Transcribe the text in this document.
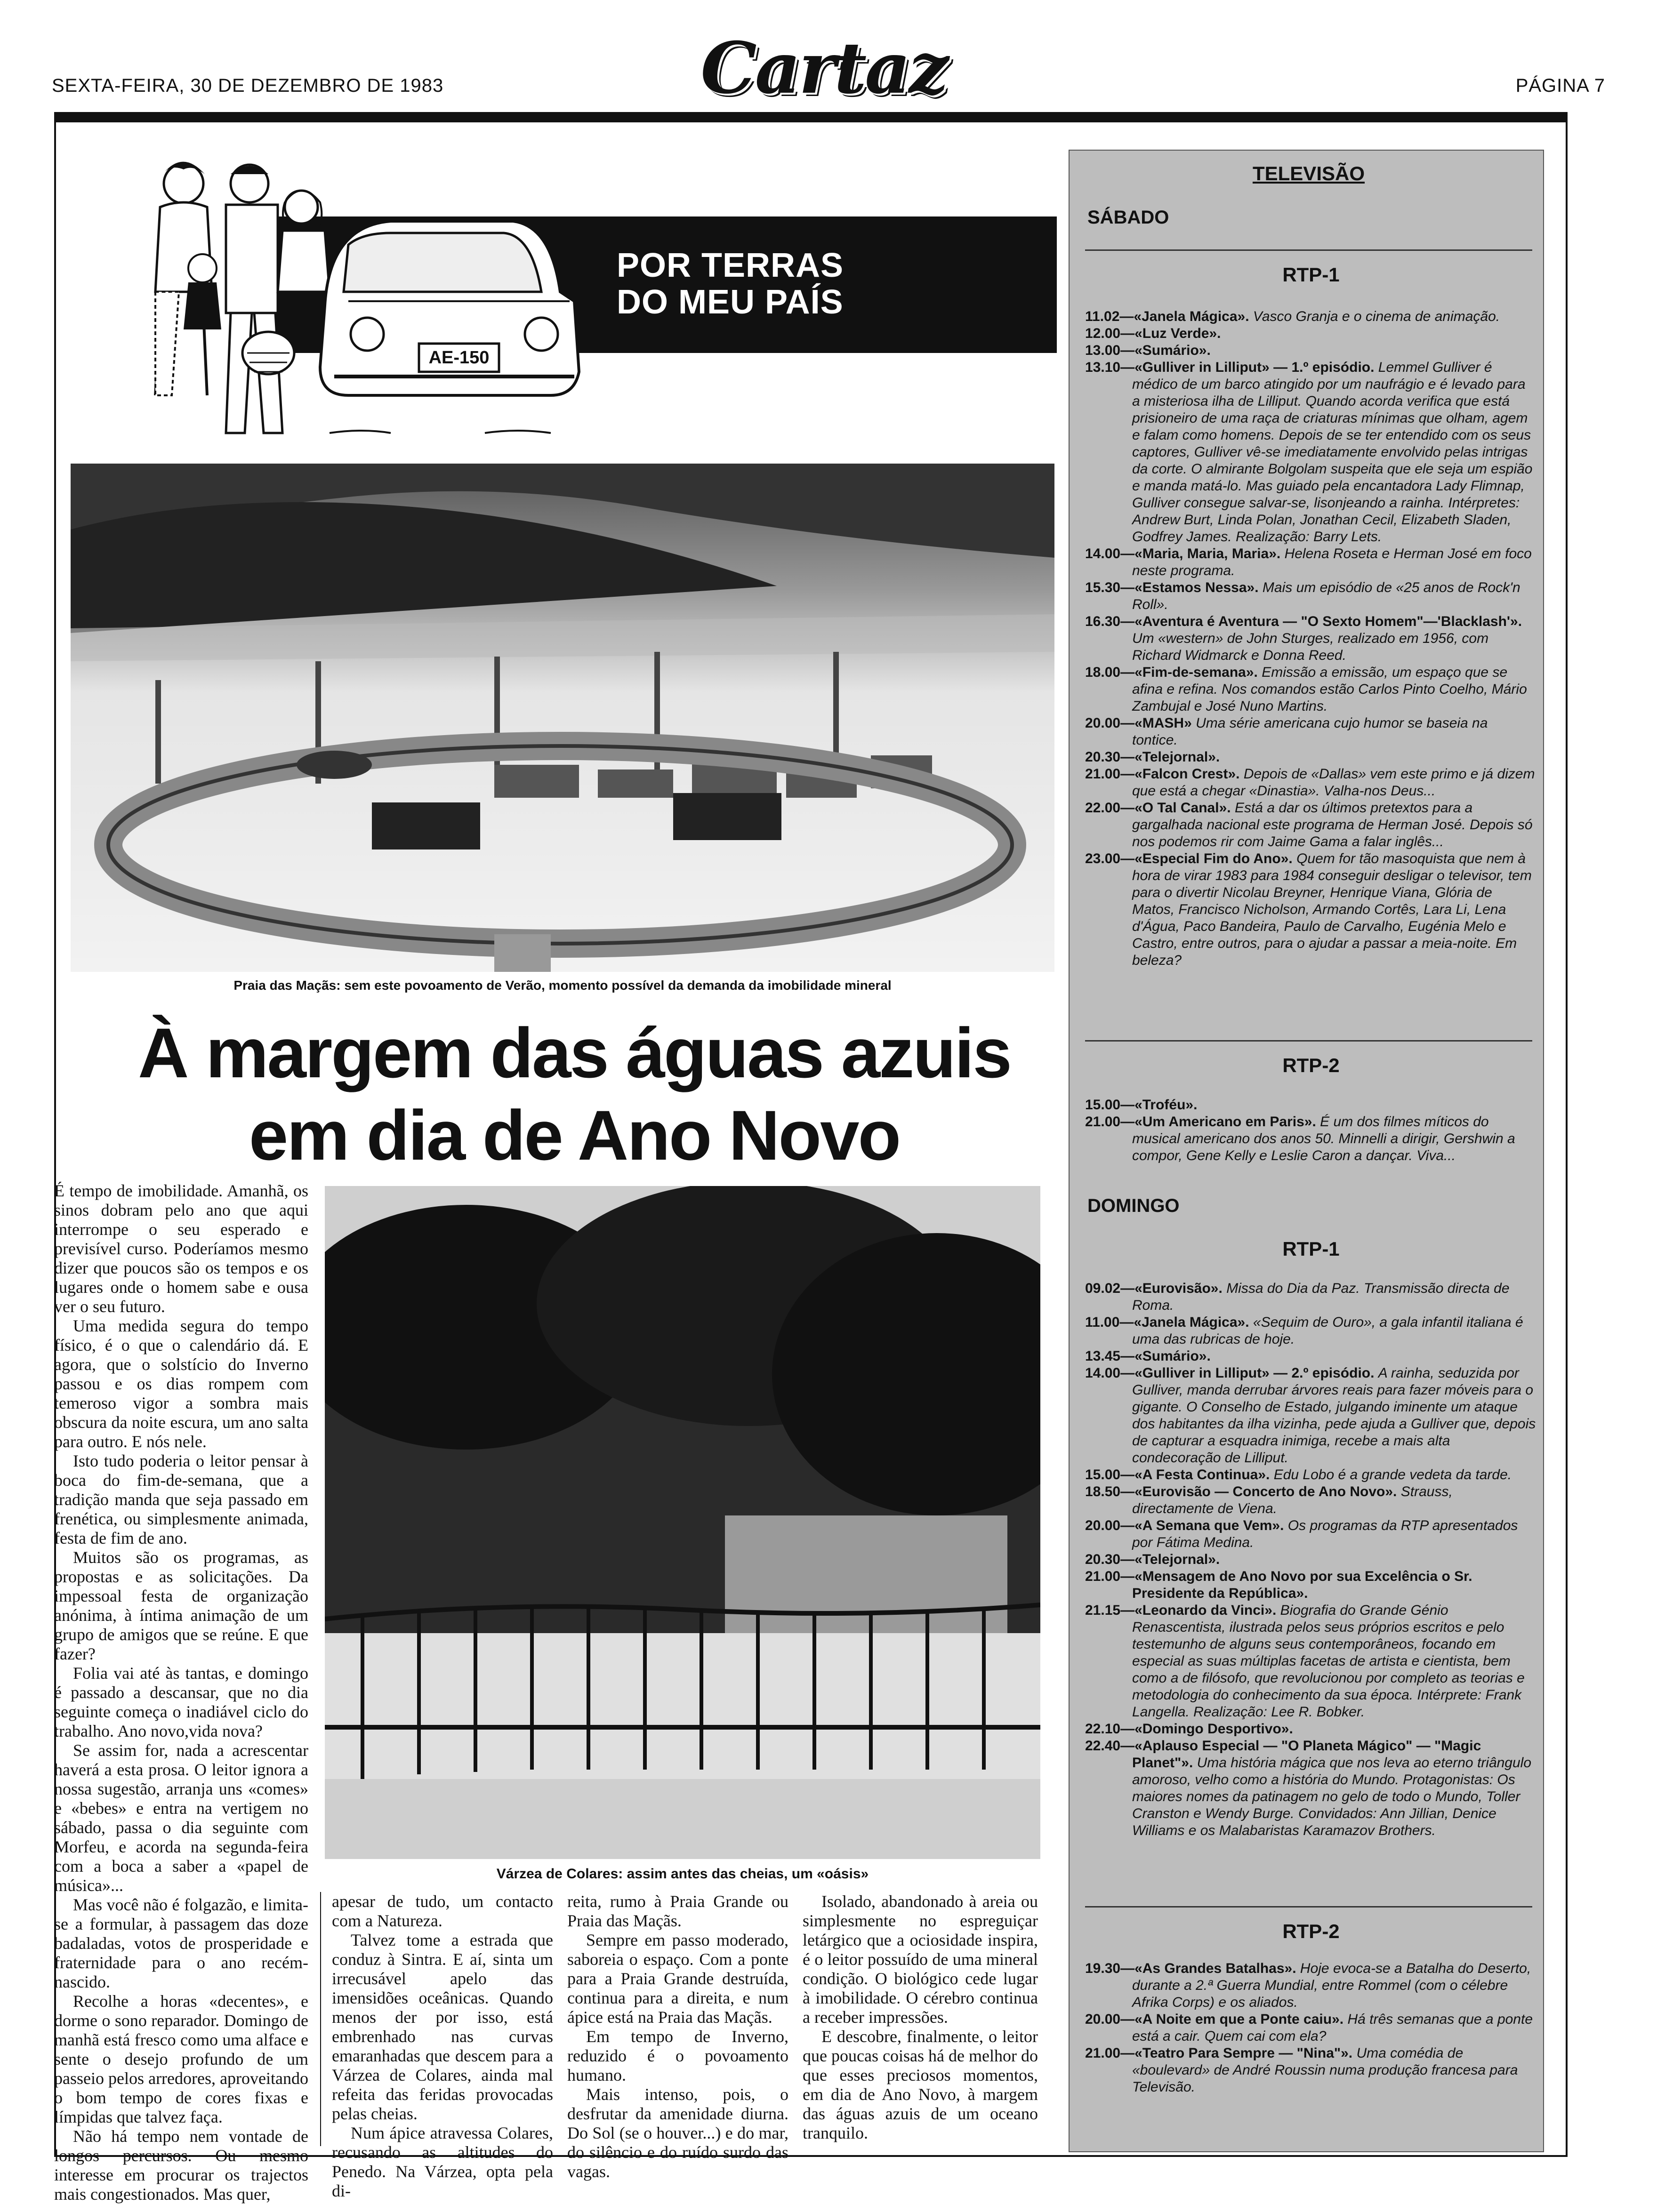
SEXTA-FEIRA, 30 DE DEZEMBRO DE 1983	Cartaz	PÁGINA 7
POR TERRAS
DO MEU PAÍS
AE-150
Praia das Maçãs: sem este povoamento de Verão, momento possível da demanda da imobilidade mineral
À margem das águas azuis
em dia de Ano Novo
Várzea de Colares: assim antes das cheias, um «oásis»

É tempo de imobilidade. Amanhã, os sinos dobram pelo ano que aqui interrompe o seu esperado e previsível curso. Poderíamos mesmo dizer que poucos são os tempos e os lugares onde o homem sabe e ousa ver o seu futuro.

Uma medida segura do tempo físico, é o que o calendário dá. E agora, que o solstício do Inverno passou e os dias rompem com temeroso vigor a sombra mais obscura da noite escura, um ano salta para outro. E nós nele.

Isto tudo poderia o leitor pensar à boca do fim-de-semana, que a tradição manda que seja passado em frenética, ou simplesmente animada, festa de fim de ano.

Muitos são os programas, as propostas e as solicitações. Da impessoal festa de organização anónima, à íntima animação de um grupo de amigos que se reúne. E que fazer?

Folia vai até às tantas, e domingo é passado a descansar, que no dia seguinte começa o inadiável ciclo do trabalho. Ano novo,vida nova?

Se assim for, nada a acrescentar haverá a esta prosa. O leitor ignora a nossa sugestão, arranja uns «comes» e «bebes» e entra na vertigem no sábado, passa o dia seguinte com Morfeu, e acorda na segunda-feira com a boca a saber a «papel de música»...

Mas você não é folgazão, e limita-se a formular, à passagem das doze badaladas, votos de prosperidade e fraternidade para o ano recém-nascido.

Recolhe a horas «decentes», e dorme o sono reparador. Domingo de manhã está fresco como uma alface e sente o desejo profundo de um passeio pelos arredores, aproveitando o bom tempo de cores fixas e límpidas que talvez faça.

Não há tempo nem vontade de longos percursos. Ou mesmo interesse em procurar os trajectos mais congestionados. Mas quer,

apesar de tudo, um contacto com a Natureza.

Talvez tome a estrada que conduz à Sintra. E aí, sinta um irrecusável apelo das imensidões oceânicas. Quando menos der por isso, está embrenhado nas curvas emaranhadas que descem para a Várzea de Colares, ainda mal refeita das feridas provocadas pelas cheias.

Num ápice atravessa Colares, recusando as altitudes do Penedo. Na Várzea, opta pela di-

reita, rumo à Praia Grande ou Praia das Maçãs.

Sempre em passo moderado, saboreia o espaço. Com a ponte para a Praia Grande destruída, continua para a direita, e num ápice está na Praia das Maçãs.

Em tempo de Inverno, reduzido é o povoamento humano.

Mais intenso, pois, o desfrutar da amenidade diurna. Do Sol (se o houver...) e do mar, do silêncio e do ruído surdo das vagas.

Isolado, abandonado à areia ou simplesmente no espreguiçar letárgico que a ociosidade inspira, é o leitor possuído de uma mineral condição. O biológico cede lugar à imobilidade. O cérebro continua a receber impressões.

E descobre, finalmente, o leitor que poucas coisas há de melhor do que esses preciosos momentos, em dia de Ano Novo, à margem das águas azuis de um oceano tranquilo.

TELEVISÃO
SÁBADO
RTP-1

11.02—«Janela Mágica». Vasco Granja e o cinema de animação.

12.00—«Luz Verde».

13.00—«Sumário».

13.10—«Gulliver in Lilliput» — 1.º episódio. Lemmel Gulliver é médico de um barco atingido por um naufrágio e é levado para a misteriosa ilha de Lilliput. Quando acorda verifica que está prisioneiro de uma raça de criaturas mínimas que olham, agem e falam como homens. Depois de se ter entendido com os seus captores, Gulliver vê-se imediatamente envolvido pelas intrigas da corte. O almirante Bolgolam suspeita que ele seja um espião e manda matá-lo. Mas guiado pela encantadora Lady Flimnap, Gulliver consegue salvar-se, lisonjeando a rainha. Intérpretes: Andrew Burt, Linda Polan, Jonathan Cecil, Elizabeth Sladen, Godfrey James. Realização: Barry Lets.

14.00—«Maria, Maria, Maria». Helena Roseta e Herman José em foco neste programa.

15.30—«Estamos Nessa». Mais um episódio de «25 anos de Rock'n Roll».

16.30—«Aventura é Aventura — "O Sexto Homem"—'Blacklash'». Um «western» de John Sturges, realizado em 1956, com Richard Widmarck e Donna Reed.

18.00—«Fim-de-semana». Emissão a emissão, um espaço que se afina e refina. Nos comandos estão Carlos Pinto Coelho, Mário Zambujal e José Nuno Martins.

20.00—«MASH» Uma série americana cujo humor se baseia na tontice.

20.30—«Telejornal».

21.00—«Falcon Crest». Depois de «Dallas» vem este primo e já dizem que está a chegar «Dinastia». Valha-nos Deus...

22.00—«O Tal Canal». Está a dar os últimos pretextos para a gargalhada nacional este programa de Herman José. Depois só nos podemos rir com Jaime Gama a falar inglês...

23.00—«Especial Fim do Ano». Quem for tão masoquista que nem à hora de virar 1983 para 1984 conseguir desligar o televisor, tem para o divertir Nicolau Breyner, Henrique Viana, Glória de Matos, Francisco Nicholson, Armando Cortês, Lara Li, Lena d'Água, Paco Bandeira, Paulo de Carvalho, Eugénia Melo e Castro, entre outros, para o ajudar a passar a meia-noite. Em beleza?

RTP-2

15.00—«Troféu».

21.00—«Um Americano em Paris». É um dos filmes míticos do musical americano dos anos 50. Minnelli a dirigir, Gershwin a compor, Gene Kelly e Leslie Caron a dançar. Viva...

DOMINGO
RTP-1

09.02—«Eurovisão». Missa do Dia da Paz. Transmissão directa de Roma.

11.00—«Janela Mágica». «Sequim de Ouro», a gala infantil italiana é uma das rubricas de hoje.

13.45—«Sumário».

14.00—«Gulliver in Lilliput» — 2.º episódio. A rainha, seduzida por Gulliver, manda derrubar árvores reais para fazer móveis para o gigante. O Conselho de Estado, julgando iminente um ataque dos habitantes da ilha vizinha, pede ajuda a Gulliver que, depois de capturar a esquadra inimiga, recebe a mais alta condecoração de Lilliput.

15.00—«A Festa Continua». Edu Lobo é a grande vedeta da tarde.

18.50—«Eurovisão — Concerto de Ano Novo». Strauss, directamente de Viena.

20.00—«A Semana que Vem». Os programas da RTP apresentados por Fátima Medina.

20.30—«Telejornal».

21.00—«Mensagem de Ano Novo por sua Excelência o Sr. Presidente da República».

21.15—«Leonardo da Vinci». Biografia do Grande Génio Renascentista, ilustrada pelos seus próprios escritos e pelo testemunho de alguns seus contemporâneos, focando em especial as suas múltiplas facetas de artista e cientista, bem como a de filósofo, que revolucionou por completo as teorias e metodologia do conhecimento da sua época. Intérprete: Frank Langella. Realização: Lee R. Bobker.

22.10—«Domingo Desportivo».

22.40—«Aplauso Especial — "O Planeta Mágico" — "Magic Planet"». Uma história mágica que nos leva ao eterno triângulo amoroso, velho como a história do Mundo. Protagonistas: Os maiores nomes da patinagem no gelo de todo o Mundo, Toller Cranston e Wendy Burge. Convidados: Ann Jillian, Denice Williams e os Malabaristas Karamazov Brothers.

RTP-2

19.30—«As Grandes Batalhas». Hoje evoca-se a Batalha do Deserto, durante a 2.ª Guerra Mundial, entre Rommel (com o célebre Afrika Corps) e os aliados.

20.00—«A Noite em que a Ponte caiu». Há três semanas que a ponte está a cair. Quem cai com ela?

21.00—«Teatro Para Sempre — "Nina"». Uma comédia de «boulevard» de André Roussin numa produção francesa para Televisão.
